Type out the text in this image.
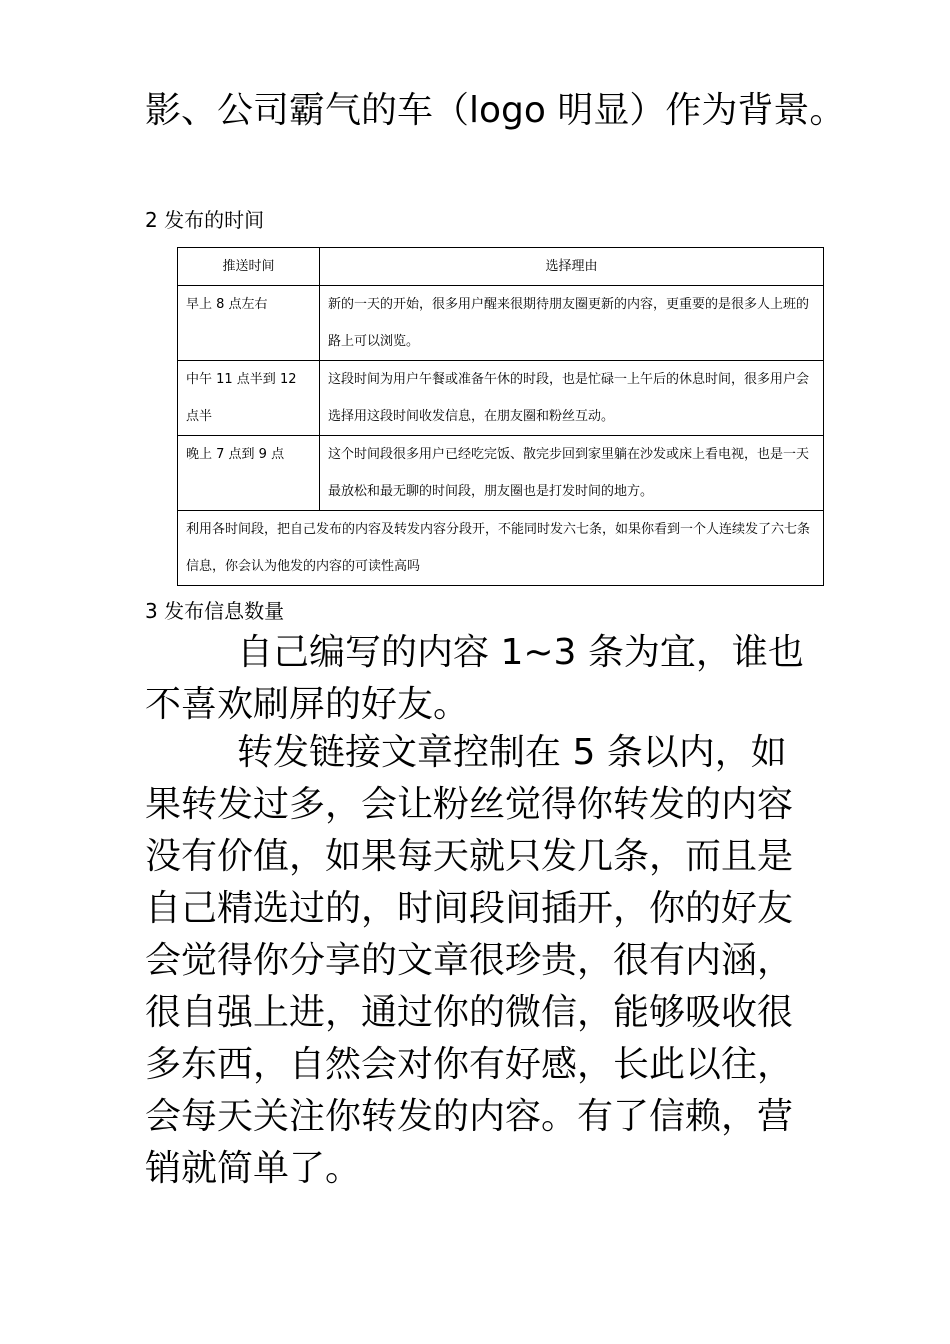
影、公司霸气的车（logo 明显）作为背景。
2 发布的时间
推送时间	选择理由
早上 8 点左右	新的一天的开始，很多用户醒来很期待朋友圈更新的内容，更重要的是很多人上班的路上可以浏览。
中午 11 点半到 12 点半	这段时间为用户午餐或准备午休的时段，也是忙碌一上午后的休息时间，很多用户会选择用这段时间收发信息，在朋友圈和粉丝互动。
晚上 7 点到 9 点	这个时间段很多用户已经吃完饭、散完步回到家里躺在沙发或床上看电视，也是一天最放松和最无聊的时间段，朋友圈也是打发时间的地方。
利用各时间段，把自己发布的内容及转发内容分段开，不能同时发六七条，如果你看到一个人连续发了六七条信息，你会认为他发的内容的可读性高吗	
3 发布信息数量
自己编写的内容 1~3 条为宜，谁也不喜欢刷屏的好友。
转发链接文章控制在 5 条以内，如果转发过多，会让粉丝觉得你转发的内容没有价值，如果每天就只发几条，而且是自己精选过的，时间段间插开，你的好友会觉得你分享的文章很珍贵，很有内涵，很自强上进，通过你的微信，能够吸收很多东西，自然会对你有好感，长此以往，会每天关注你转发的内容。有了信赖，营销就简单了。
